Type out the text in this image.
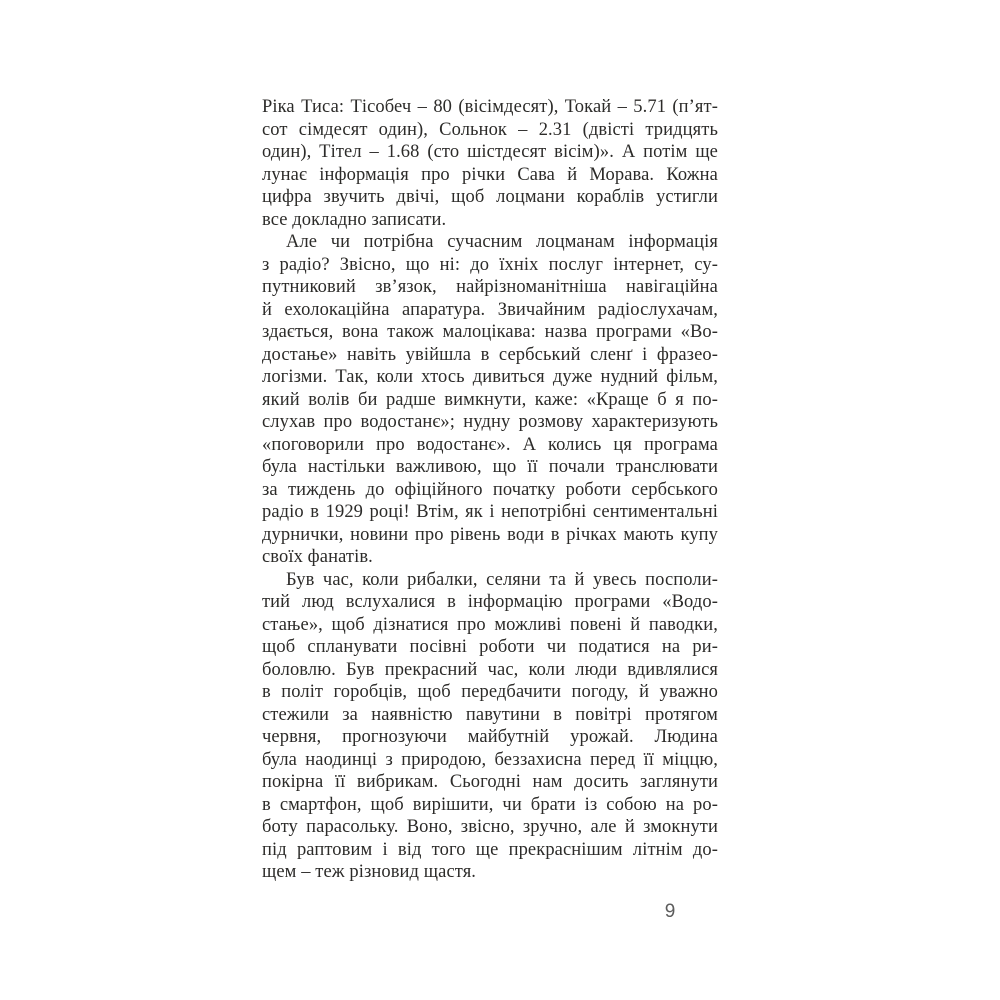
Ріка Тиса: Тісобеч – 80 (вісімдесят), Токай – 5.71 (п’ят-
сот сімдесят один), Сольнок – 2.31 (двісті тридцять
один), Тітел – 1.68 (сто шістдесят вісім)». А потім ще
лунає інформація про річки Сава й Морава. Кожна
цифра звучить двічі, щоб лоцмани кораблів устигли
все докладно записати.
Але чи потрібна сучасним лоцманам інформація
з радіо? Звісно, що ні: до їхніх послуг інтернет, су-
путниковий зв’язок, найрізноманітніша навігаційна
й ехолокаційна апаратура. Звичайним радіослухачам,
здається, вона також малоцікава: назва програми «Во-
достање» навіть увійшла в сербський сленґ і фразео-
логізми. Так, коли хтось дивиться дуже нудний фільм,
який волів би радше вимкнути, каже: «Краще б я по-
слухав про водостанє»; нудну розмову характеризують
«поговорили про водостанє». А колись ця програма
була настільки важливою, що її почали транслювати
за тиждень до офіційного початку роботи сербського
радіо в 1929 році! Втім, як і непотрібні сентиментальні
дурнички, новини про рівень води в річках мають купу
своїх фанатів.
Був час, коли рибалки, селяни та й увесь посполи-
тий люд вслухалися в інформацію програми «Водо-
стање», щоб дізнатися про можливі повені й паводки,
щоб спланувати посівні роботи чи податися на ри-
боловлю. Був прекрасний час, коли люди вдивлялися
в політ горобців, щоб передбачити погоду, й уважно
стежили за наявністю павутини в повітрі протягом
червня, прогнозуючи майбутній урожай. Людина
була наодинці з природою, беззахисна перед її міццю,
покірна її вибрикам. Сьогодні нам досить заглянути
в смартфон, щоб вирішити, чи брати із собою на ро-
боту парасольку. Воно, звісно, зручно, але й змокнути
під раптовим і від того ще прекраснішим літнім до-
щем – теж різновид щастя.
9
